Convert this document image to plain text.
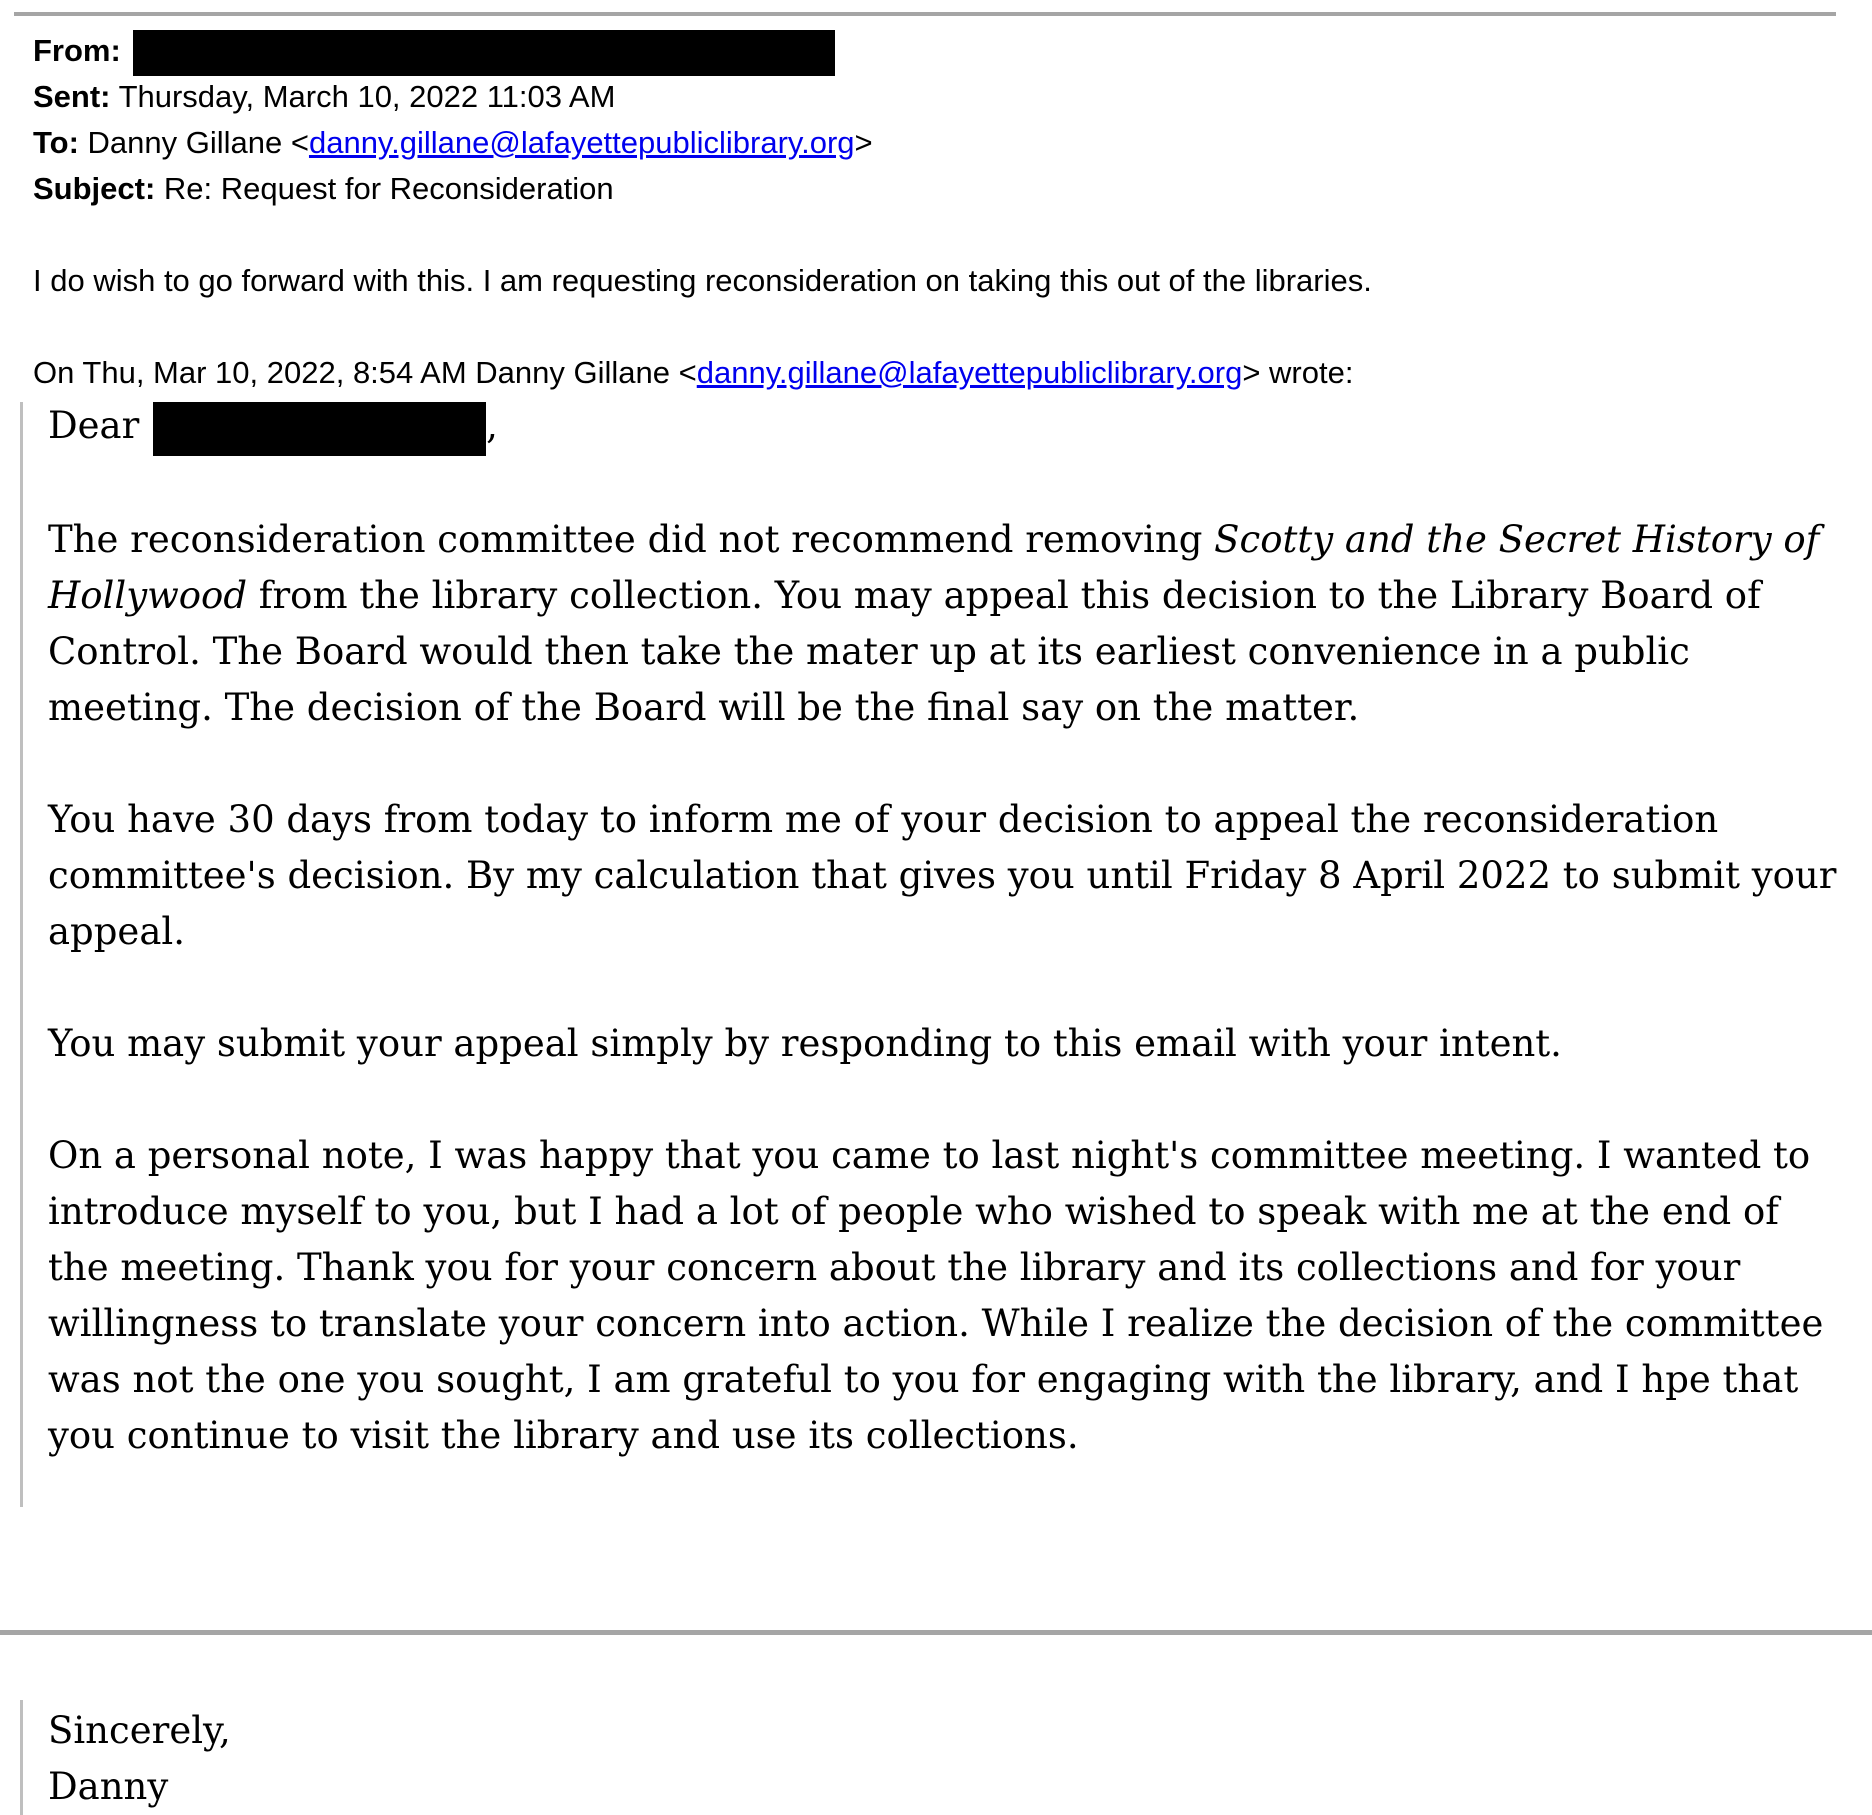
From:
Sent: Thursday, March 10, 2022 11:03 AM
To: Danny Gillane <danny.gillane@lafayettepubliclibrary.org>
Subject: Re: Request for Reconsideration
I do wish to go forward with this. I am requesting reconsideration on taking this out of the libraries.
On Thu, Mar 10, 2022, 8:54 AM Danny Gillane <danny.gillane@lafayettepubliclibrary.org> wrote:
Dear	,

The reconsideration committee did not recommend removing Scotty and the Secret History of Hollywood from the library collection. You may appeal this decision to the Library Board of Control. The Board would then take the mater up at its earliest convenience in a public meeting. The decision of the Board will be the final say on the matter.

You have 30 days from today to inform me of your decision to appeal the reconsideration committee's decision. By my calculation that gives you until Friday 8 April 2022 to submit your appeal.

You may submit your appeal simply by responding to this email with your intent.

On a personal note, I was happy that you came to last night's committee meeting. I wanted to introduce myself to you, but I had a lot of people who wished to speak with me at the end of the meeting. Thank you for your concern about the library and its collections and for your willingness to translate your concern into action. While I realize the decision of the committee was not the one you sought, I am grateful to you for engaging with the library, and I hpe that you continue to visit the library and use its collections.

Sincerely,
Danny
